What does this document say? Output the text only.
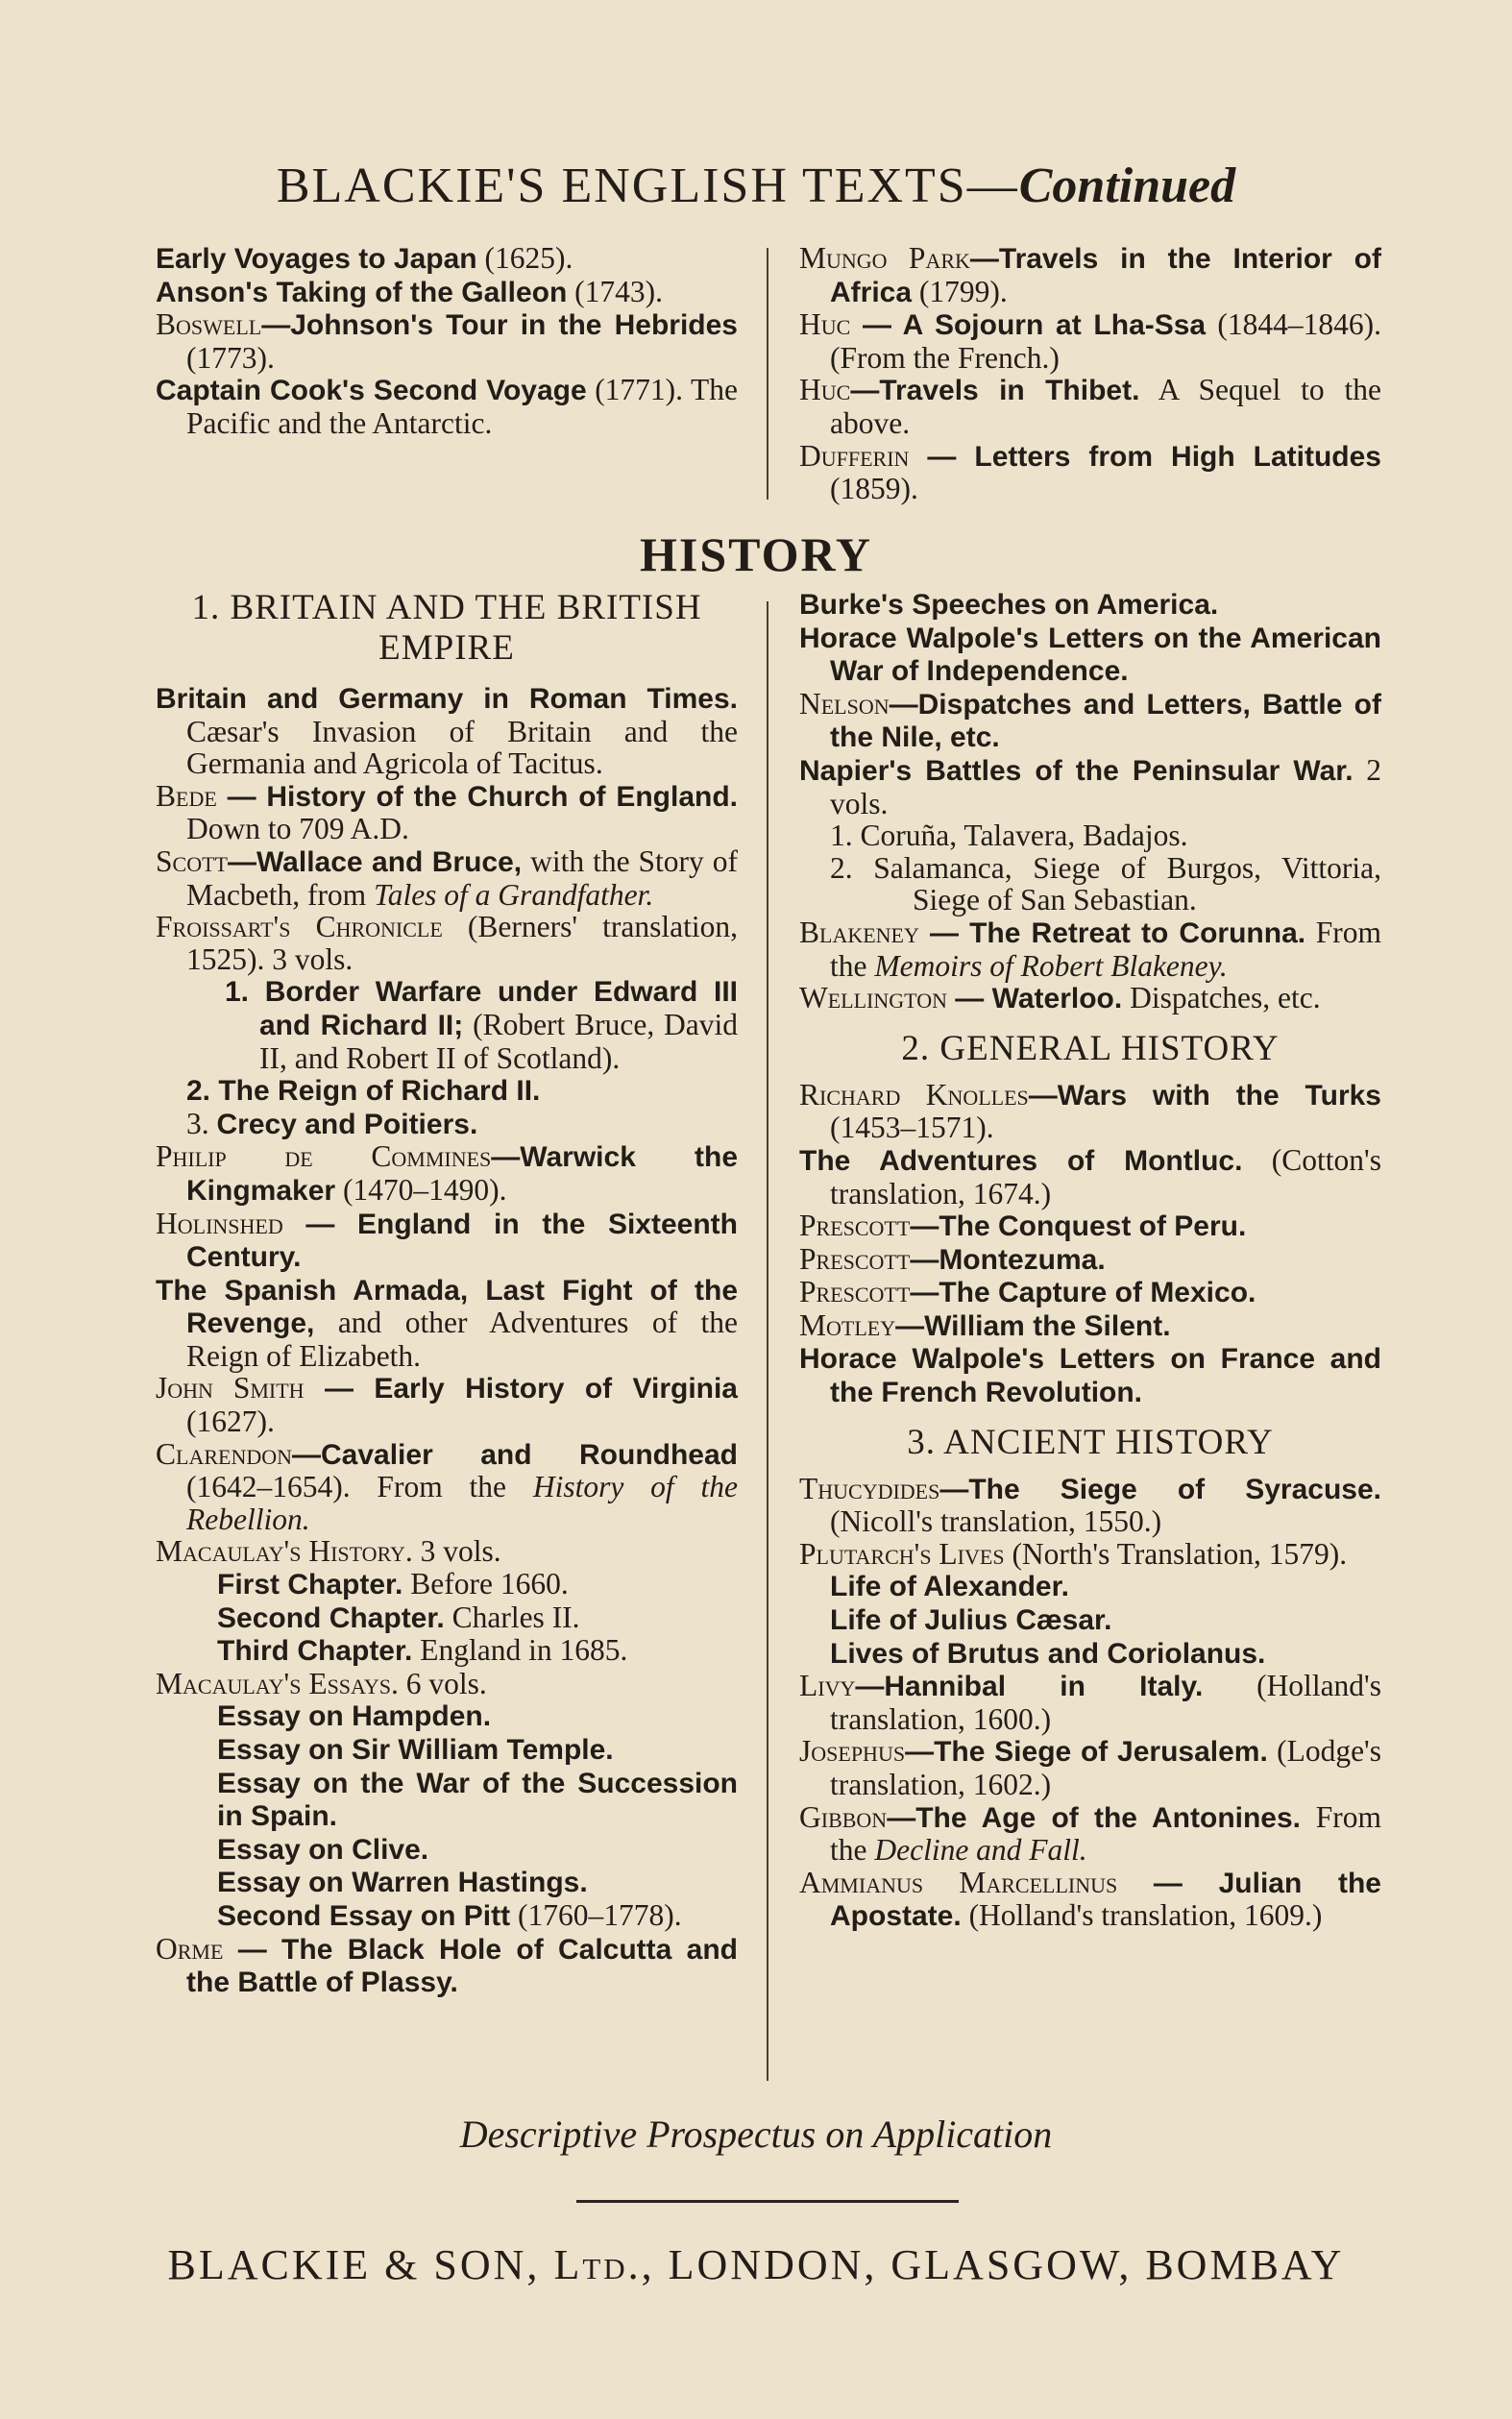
BLACKIE'S ENGLISH TEXTS—Continued
Early Voyages to Japan (1625).
Anson's Taking of the Galleon (1743).
Boswell—Johnson's Tour in the Hebrides (1773).
Captain Cook's Second Voyage (1771). The Pacific and the Antarctic.
Mungo Park—Travels in the Interior of Africa (1799).
Huc — A Sojourn at Lha-Ssa (1844–1846). (From the French.)
Huc—Travels in Thibet. A Sequel to the above.
Dufferin — Letters from High Latitudes (1859).
HISTORY
1. BRITAIN AND THE BRITISH EMPIRE
Britain and Germany in Roman Times. Cæsar's Invasion of Britain and the Germania and Agricola of Tacitus.
Bede — History of the Church of England. Down to 709 A.D.
Scott—Wallace and Bruce, with the Story of Macbeth, from Tales of a Grandfather.
Froissart's Chronicle (Berners' translation, 1525). 3 vols.
1. Border Warfare under Edward III and Richard II; (Robert Bruce, David II, and Robert II of Scotland).
2. The Reign of Richard II.
3. Crecy and Poitiers.
Philip de Commines—Warwick the Kingmaker (1470–1490).
Holinshed — England in the Sixteenth Century.
The Spanish Armada, Last Fight of the Revenge, and other Adventures of the Reign of Elizabeth.
John Smith — Early History of Virginia (1627).
Clarendon—Cavalier and Roundhead (1642–1654). From the History of the Rebellion.
Macaulay's History. 3 vols.
First Chapter. Before 1660.
Second Chapter. Charles II.
Third Chapter. England in 1685.
Macaulay's Essays. 6 vols.
Essay on Hampden.
Essay on Sir William Temple.
Essay on the War of the Succession in Spain.
Essay on Clive.
Essay on Warren Hastings.
Second Essay on Pitt (1760–1778).
Orme — The Black Hole of Calcutta and the Battle of Plassy.
Burke's Speeches on America.
Horace Walpole's Letters on the American War of Independence.
Nelson—Dispatches and Letters, Battle of the Nile, etc.
Napier's Battles of the Peninsular War. 2 vols.
1. Coruña, Talavera, Badajos.
2. Salamanca, Siege of Burgos, Vittoria, Siege of San Sebastian.
Blakeney — The Retreat to Corunna. From the Memoirs of Robert Blakeney.
Wellington — Waterloo. Dispatches, etc.
2. GENERAL HISTORY
Richard Knolles—Wars with the Turks (1453–1571).
The Adventures of Montluc. (Cotton's translation, 1674.)
Prescott—The Conquest of Peru.
Prescott—Montezuma.
Prescott—The Capture of Mexico.
Motley—William the Silent.
Horace Walpole's Letters on France and the French Revolution.
3. ANCIENT HISTORY
Thucydides—The Siege of Syracuse. (Nicoll's translation, 1550.)
Plutarch's Lives (North's Translation, 1579).
Life of Alexander.
Life of Julius Cæsar.
Lives of Brutus and Coriolanus.
Livy—Hannibal in Italy. (Holland's translation, 1600.)
Josephus—The Siege of Jerusalem. (Lodge's translation, 1602.)
Gibbon—The Age of the Antonines. From the Decline and Fall.
Ammianus Marcellinus — Julian the Apostate. (Holland's translation, 1609.)
Descriptive Prospectus on Application
BLACKIE & SON, Ltd., LONDON, GLASGOW, BOMBAY
